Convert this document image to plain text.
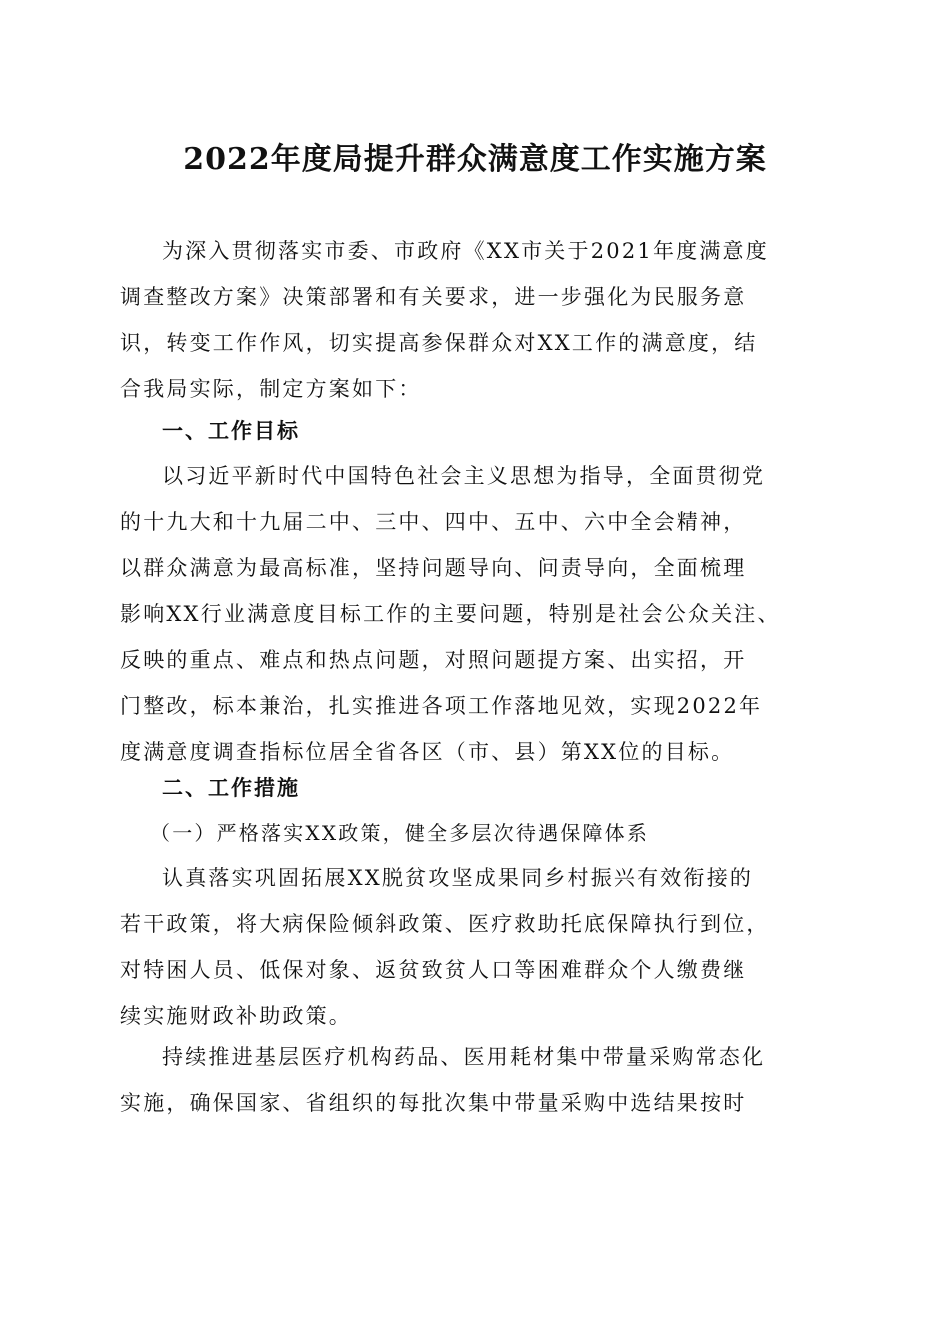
2022年度局提升群众满意度工作实施方案
为深入贯彻落实市委、市政府《XX市关于2021年度满意度
调查整改方案》决策部署和有关要求，进一步强化为民服务意
识，转变工作作风，切实提高参保群众对XX工作的满意度，结
合我局实际，制定方案如下：
一、工作目标
以习近平新时代中国特色社会主义思想为指导，全面贯彻党
的十九大和十九届二中、三中、四中、五中、六中全会精神，
以群众满意为最高标准，坚持问题导向、问责导向，全面梳理
影响XX行业满意度目标工作的主要问题，特别是社会公众关注、
反映的重点、难点和热点问题，对照问题提方案、出实招，开
门整改，标本兼治，扎实推进各项工作落地见效，实现2022年
度满意度调查指标位居全省各区（市、县）第XX位的目标。
二、工作措施
（一）严格落实XX政策，健全多层次待遇保障体系
认真落实巩固拓展XX脱贫攻坚成果同乡村振兴有效衔接的
若干政策，将大病保险倾斜政策、医疗救助托底保障执行到位，
对特困人员、低保对象、返贫致贫人口等困难群众个人缴费继
续实施财政补助政策。
持续推进基层医疗机构药品、医用耗材集中带量采购常态化
实施，确保国家、省组织的每批次集中带量采购中选结果按时
